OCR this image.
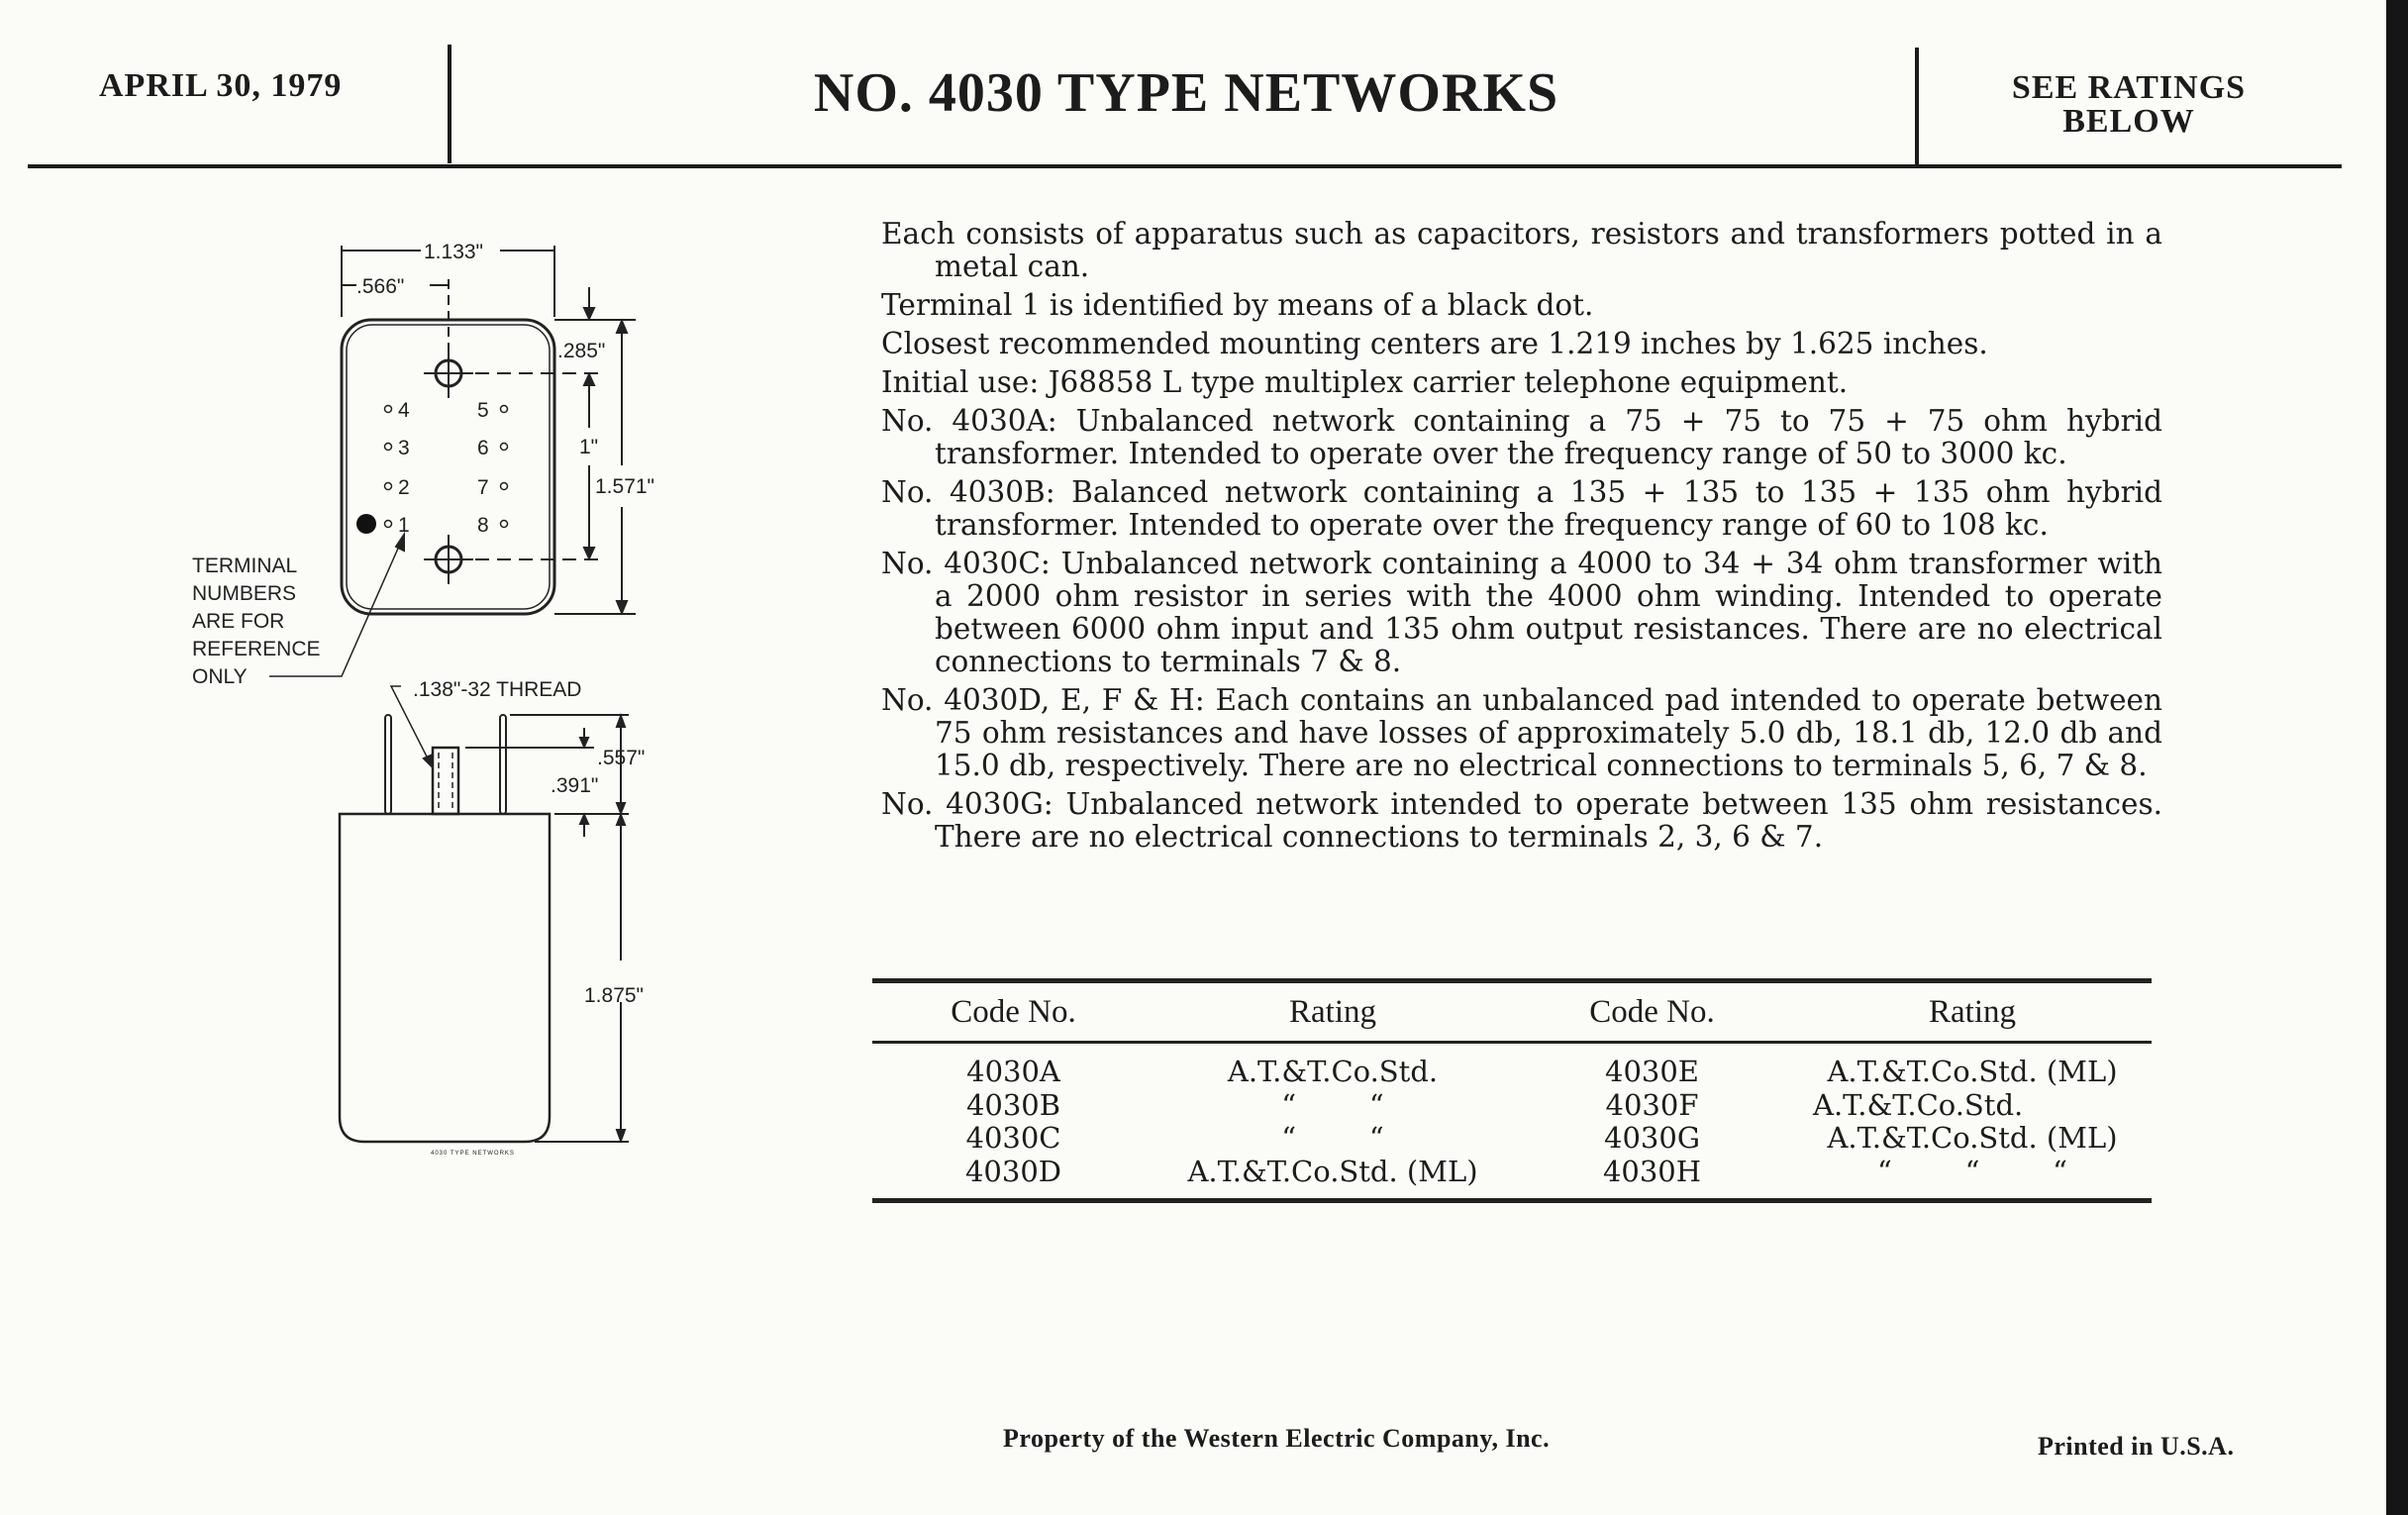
APRIL 30, 1979	NO. 4030 TYPE NETWORKS	SEE RATINGS
BELOW
1.133"
.566"
1
2
3
4	5
6
7
8
.285"
1"
1.571"
TERMINAL
NUMBERS
ARE FOR
REFERENCE
ONLY
.138"-32 THREAD
.557"
.391"
1.875"
4030 TYPE NETWORKS

Each consists of apparatus such as capacitors, resistors and transformers potted in a metal can.

Terminal 1 is identified by means of a black dot.

Closest recommended mounting centers are 1.219 inches by 1.625 inches.

Initial use: J68858 L type multiplex carrier telephone equipment.

No. 4030A: Unbalanced network containing a 75 + 75 to 75 + 75 ohm hybrid transformer. Intended to operate over the frequency range of 50 to 3000 kc.

No. 4030B: Balanced network containing a 135 + 135 to 135 + 135 ohm hybrid transformer. Intended to operate over the frequency range of 60 to 108 kc.

No. 4030C: Unbalanced network containing a 4000 to 34 + 34 ohm transformer with a 2000 ohm resistor in series with the 4000 ohm winding. Intended to operate between 6000 ohm input and 135 ohm output resistances. There are no electrical connections to terminals 7 & 8.

No. 4030D, E, F & H: Each contains an unbalanced pad intended to operate between 75 ohm resistances and have losses of approximately 5.0 db, 18.1 db, 12.0 db and 15.0 db, respectively. There are no electrical connections to terminals 5, 6, 7 & 8.

No. 4030G: Unbalanced network intended to operate between 135 ohm resistances. There are no electrical connections to terminals 2, 3, 6 & 7.

Code No.	Rating	Code No.	Rating
4030A	A.T.&T.Co.Std.	4030E	A.T.&T.Co.Std. (ML)
4030B	“        “	4030F	A.T.&T.Co.Std.
4030C	“        “	4030G	A.T.&T.Co.Std. (ML)
4030D	A.T.&T.Co.Std. (ML)	4030H	“        “        “
Property of the Western Electric Company, Inc.	Printed in U.S.A.
